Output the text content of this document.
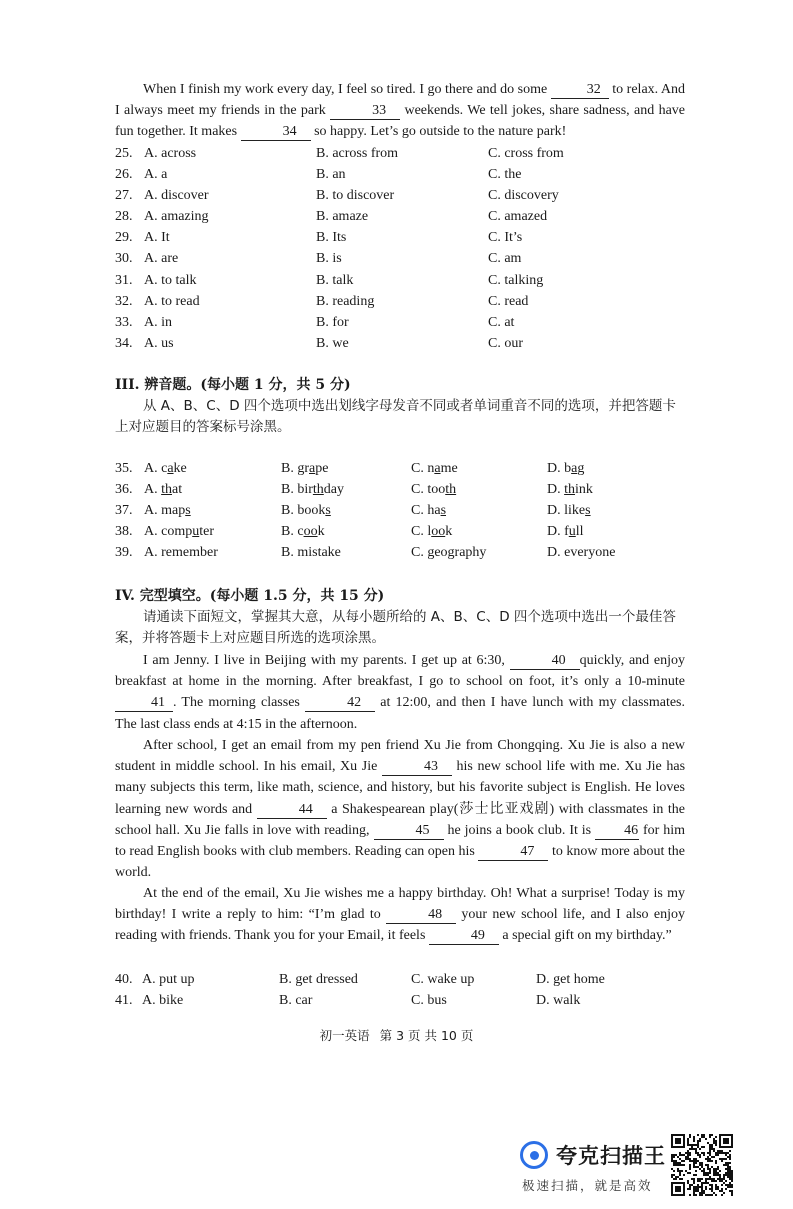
When I finish my work every day, I feel so tired. I go there and do some	32 to relax. And I always meet my friends in the park	33 weekends. We tell jokes, share sadness, and have fun together. It makes	34 so happy. Let’s go outside to the nature park!

25. A. across	B. across from	C. cross from
26. A. a	B. an	C. the
27. A. discover	B. to discover	C. discovery
28. A. amazing	B. amaze	C. amazed
29. A. It	B. Its	C. It’s
30. A. are	B. is	C. am
31. A. to talk	B. talk	C. talking
32. A. to read	B. reading	C. read
33. A. in	B. for	C. at
34. A. us	B. we	C. our
III. 辨音题。(每小题 1 分，共 5 分)

从 A、B、C、D 四个选项中选出划线字母发音不同或者单词重音不同的选项，并把答题卡上对应题目的答案标号涂黑。

35. A. cake	B. grape	C. name	D. bag
36. A. that	B. birthday	C. tooth	D. think
37. A. maps	B. books	C. has	D. likes
38. A. computer	B. cook	C. look	D. full
39. A. remember	B. mistake	C. geography	D. everyone
IV. 完型填空。(每小题 1.5 分，共 15 分)

请通读下面短文，掌握其大意，从每小题所给的 A、B、C、D 四个选项中选出一个最佳答案，并将答题卡上对应题目所选的选项涂黑。

I am Jenny. I live in Beijing with my parents. I get up at 6:30,	40 quickly, and enjoy breakfast at home in the morning. After breakfast, I go to school on foot, it’s only a 10-minute 41 . The morning classes	42 at 12:00, and then I have lunch with my classmates. The last class ends at 4:15 in the afternoon.

After school, I get an email from my pen friend Xu Jie from Chongqing. Xu Jie is also a new student in middle school. In his email, Xu Jie	43 his new school life with me. Xu Jie has many subjects this term, like math, science, and history, but his favorite subject is English. He loves learning new words and	44 a Shakespearean play(莎士比亚戏剧) with classmates in the school hall. Xu Jie falls in love with reading,	45 he joins a book club. It is 46 for him to read English books with club members. Reading can open his	47 to know more about the world.

At the end of the email, Xu Jie wishes me a happy birthday. Oh! What a surprise! Today is my birthday! I write a reply to him: “I’m glad to	48 your new school life, and I also enjoy reading with friends. Thank you for your Email, it feels	49 a special gift on my birthday.”

40. A. put up	B. get dressed	C. wake up	D. get home
41. A. bike	B. car	C. bus	D. walk
初一英语 第 3 页 共 10 页
夸克扫描王
极速扫描，就是高效
